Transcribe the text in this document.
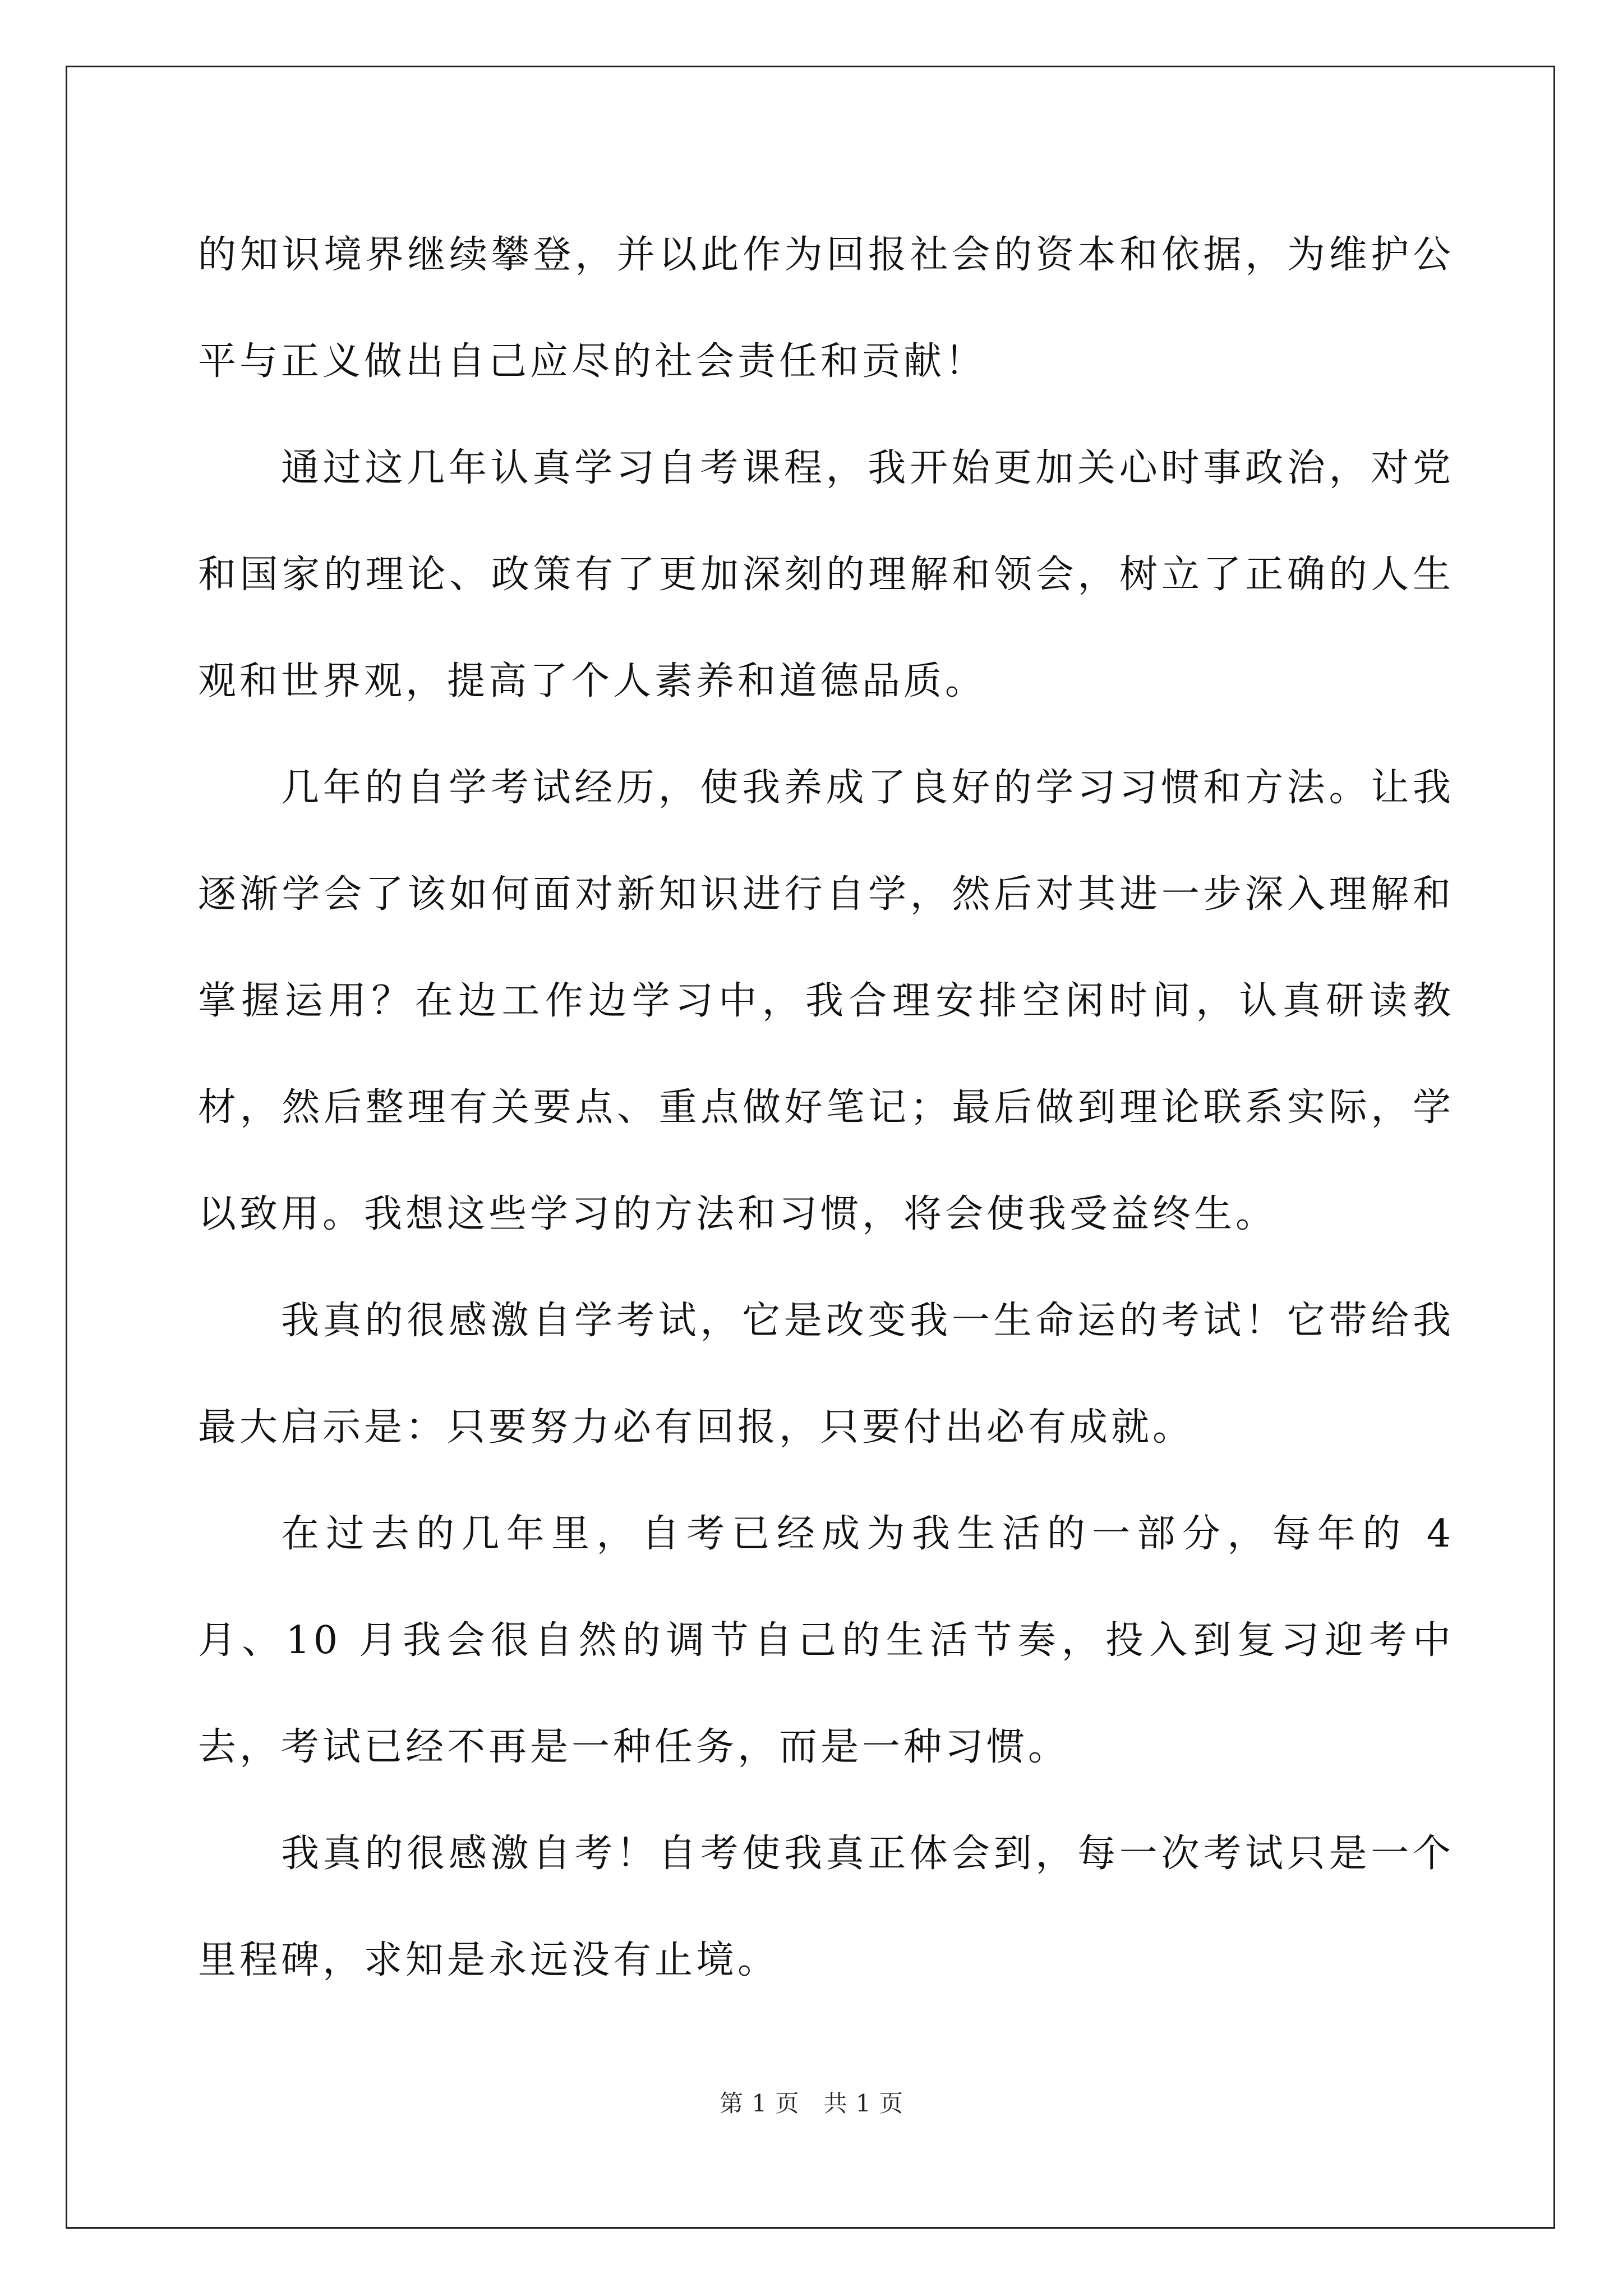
的知识境界继续攀登，并以此作为回报社会的资本和依据，为维护公平与正义做出自己应尽的社会责任和贡献！

通过这几年认真学习自考课程，我开始更加关心时事政治，对党和国家的理论、政策有了更加深刻的理解和领会，树立了正确的人生观和世界观，提高了个人素养和道德品质。

几年的自学考试经历，使我养成了良好的学习习惯和方法。让我逐渐学会了该如何面对新知识进行自学，然后对其进一步深入理解和掌握运用？在边工作边学习中，我合理安排空闲时间，认真研读教材，然后整理有关要点、重点做好笔记；最后做到理论联系实际，学以致用。我想这些学习的方法和习惯，将会使我受益终生。

我真的很感激自学考试，它是改变我一生命运的考试！它带给我最大启示是：只要努力必有回报，只要付出必有成就。

在过去的几年里，自考已经成为我生活的一部分，每年的 4 月、10 月我会很自然的调节自己的生活节奏，投入到复习迎考中去，考试已经不再是一种任务，而是一种习惯。

我真的很感激自考！自考使我真正体会到，每一次考试只是一个里程碑，求知是永远没有止境。

第 1 页   共 1 页
